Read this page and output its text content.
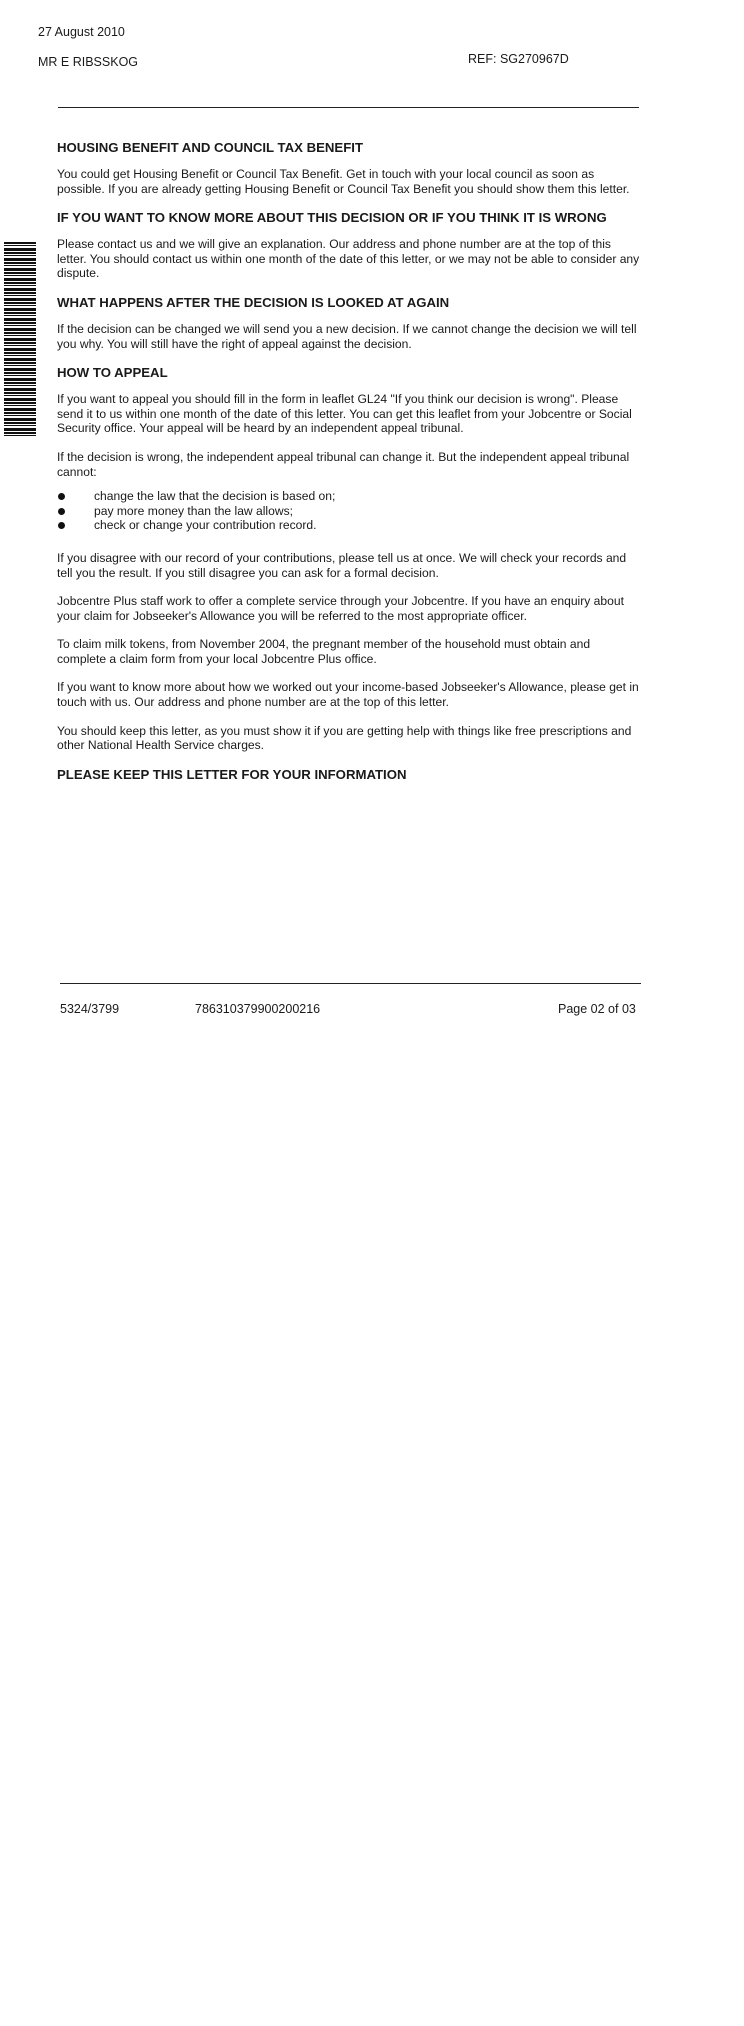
27 August 2010
MR E RIBSSKOG	REF: SG270967D
HOUSING BENEFIT AND COUNCIL TAX BENEFIT

You could get Housing Benefit or Council Tax Benefit. Get in touch with your local council as soon as possible. If you are already getting Housing Benefit or Council Tax Benefit you should show them this letter.

IF YOU WANT TO KNOW MORE ABOUT THIS DECISION OR IF YOU THINK IT IS WRONG

Please contact us and we will give an explanation. Our address and phone number are at the top of this letter. You should contact us within one month of the date of this letter, or we may not be able to consider any dispute.

WHAT HAPPENS AFTER THE DECISION IS LOOKED AT AGAIN

If the decision can be changed we will send you a new decision. If we cannot change the decision we will tell you why. You will still have the right of appeal against the decision.

HOW TO APPEAL

If you want to appeal you should fill in the form in leaflet GL24 "If you think our decision is wrong". Please send it to us within one month of the date of this letter. You can get this leaflet from your Jobcentre or Social Security office. Your appeal will be heard by an independent appeal tribunal.

If the decision is wrong, the independent appeal tribunal can change it. But the independent appeal tribunal cannot:

change the law that the decision is based on;
pay more money than the law allows;
check or change your contribution record.

If you disagree with our record of your contributions, please tell us at once. We will check your records and tell you the result. If you still disagree you can ask for a formal decision.

Jobcentre Plus staff work to offer a complete service through your Jobcentre. If you have an enquiry about your claim for Jobseeker's Allowance you will be referred to the most appropriate officer.

To claim milk tokens, from November 2004, the pregnant member of the household must obtain and complete a claim form from your local Jobcentre Plus office.

If you want to know more about how we worked out your income-based Jobseeker's Allowance, please get in touch with us. Our address and phone number are at the top of this letter.

You should keep this letter, as you must show it if you are getting help with things like free prescriptions and other National Health Service charges.

PLEASE KEEP THIS LETTER FOR YOUR INFORMATION
5324/3799	786310379900200216	Page 02 of 03
